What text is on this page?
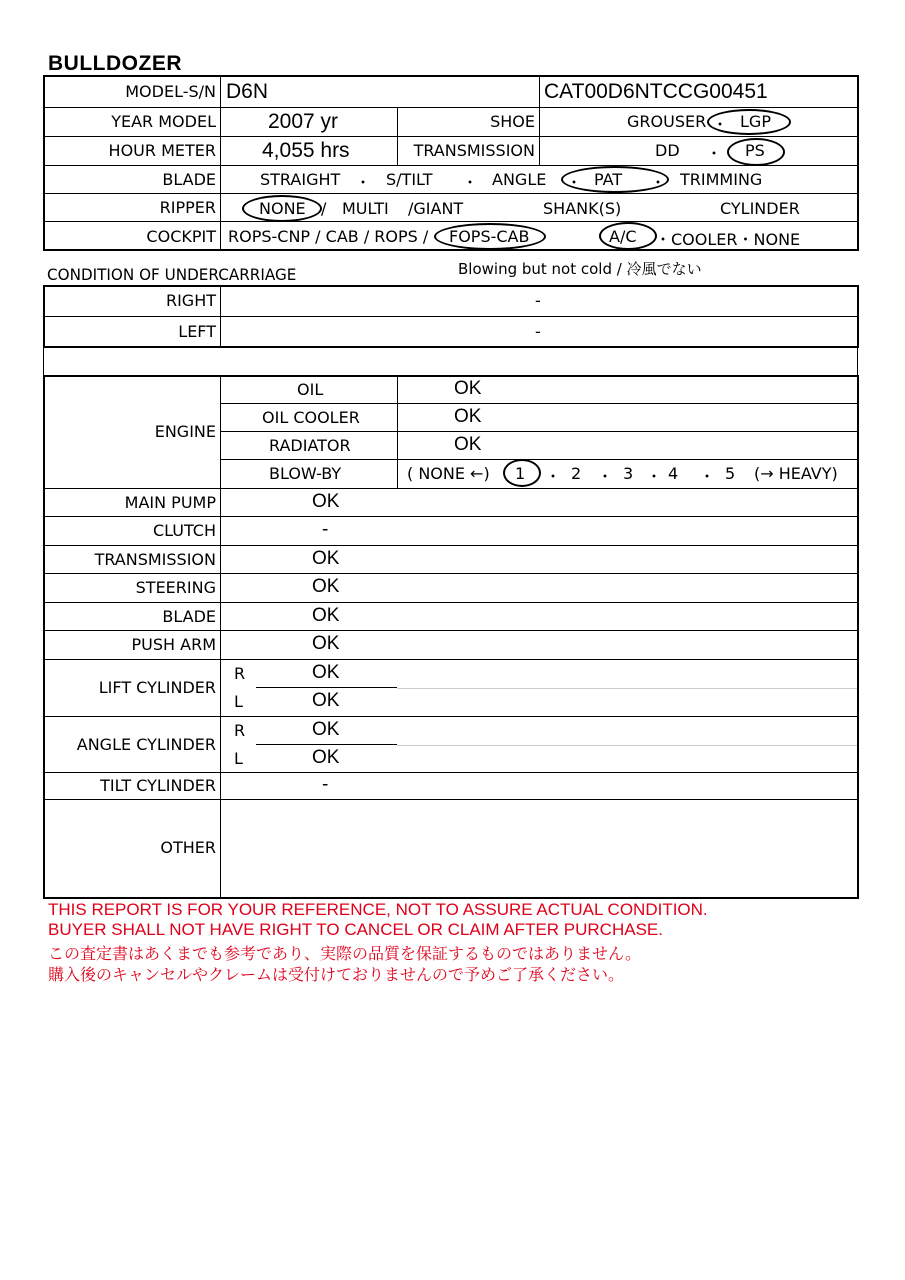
BULLDOZER
MODEL-S/N D6N	CAT00D6NTCCG00451
YEAR MODEL 2007 yr	SHOE	GROUSER ・ LGP
HOUR METER 4,055 hrs	TRANSMISSION	DD ・ PS
BLADE	STRAIGHT ・ S/TILT ・ ANGLE ・ PAT ・ TRIMMING
RIPPER	NONE / MULTI /GIANT	SHANK(S)	CYLINDER
COCKPIT ROPS-CNP / CAB / ROPS / FOPS-CAB	A/C ・COOLER・NONE
Blowing but not cold / 冷風でない
CONDITION OF UNDERCARRIAGE
RIGHT	-
LEFT	-
ENGINE
OIL	OK
OIL COOLER	OK
RADIATOR	OK
BLOW-BY	( NONE ←) 1 ・ 2 ・ 3 ・ 4 ・ 5 (→ HEAVY)
MAIN PUMP	OK
CLUTCH	-
TRANSMISSION	OK
STEERING	OK
BLADE	OK
PUSH ARM	OK
LIFT CYLINDER
R	OK
L	OK
ANGLE CYLINDER
R	OK
L	OK
TILT CYLINDER	-
OTHER
THIS REPORT IS FOR YOUR REFERENCE, NOT TO ASSURE ACTUAL CONDITION.
BUYER SHALL NOT HAVE RIGHT TO CANCEL OR CLAIM AFTER PURCHASE.
この査定書はあくまでも参考であり、実際の品質を保証するものではありません。
購入後のキャンセルやクレームは受付けておりませんので予めご了承ください。
